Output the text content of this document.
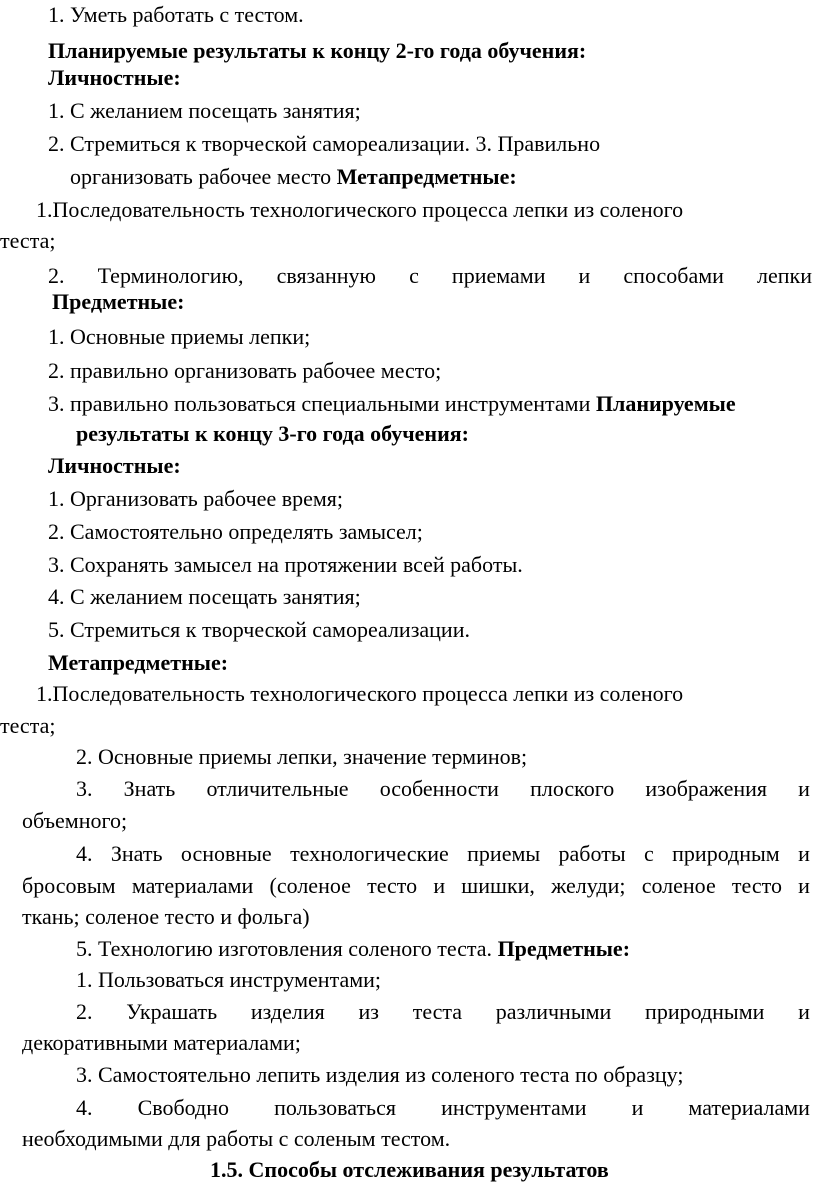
1. Уметь работать с тестом.
Планируемые результаты к концу 2-го года обучения:
Личностные:
1. С желанием посещать занятия;
2. Стремиться к творческой самореализации. 3. Правильно
организовать рабочее место Метапредметные:
1.Последовательность технологического процесса лепки из соленого
теста;
2. Терминологию, связанную с приемами и способами лепки
Предметные:
1. Основные приемы лепки;
2. правильно организовать рабочее место;
3. правильно пользоваться специальными инструментами Планируемые
результаты к концу 3-го года обучения:
Личностные:
1. Организовать рабочее время;
2. Самостоятельно определять замысел;
3. Сохранять замысел на протяжении всей работы.
4. С желанием посещать занятия;
5. Стремиться к творческой самореализации.
Метапредметные:
1.Последовательность технологического процесса лепки из соленого
теста;
2. Основные приемы лепки, значение терминов;
3. Знать отличительные особенности плоского изображения и
объемного;
4. Знать основные технологические приемы работы с природным и
бросовым материалами (соленое тесто и шишки, желуди; соленое тесто и
ткань; соленое тесто и фольга)
5. Технологию изготовления соленого теста. Предметные:
1. Пользоваться инструментами;
2. Украшать изделия из теста различными природными и
декоративными материалами;
3. Самостоятельно лепить изделия из соленого теста по образцу;
4. Свободно пользоваться инструментами и материалами
необходимыми для работы с соленым тестом.
1.5. Способы отслеживания результатов
